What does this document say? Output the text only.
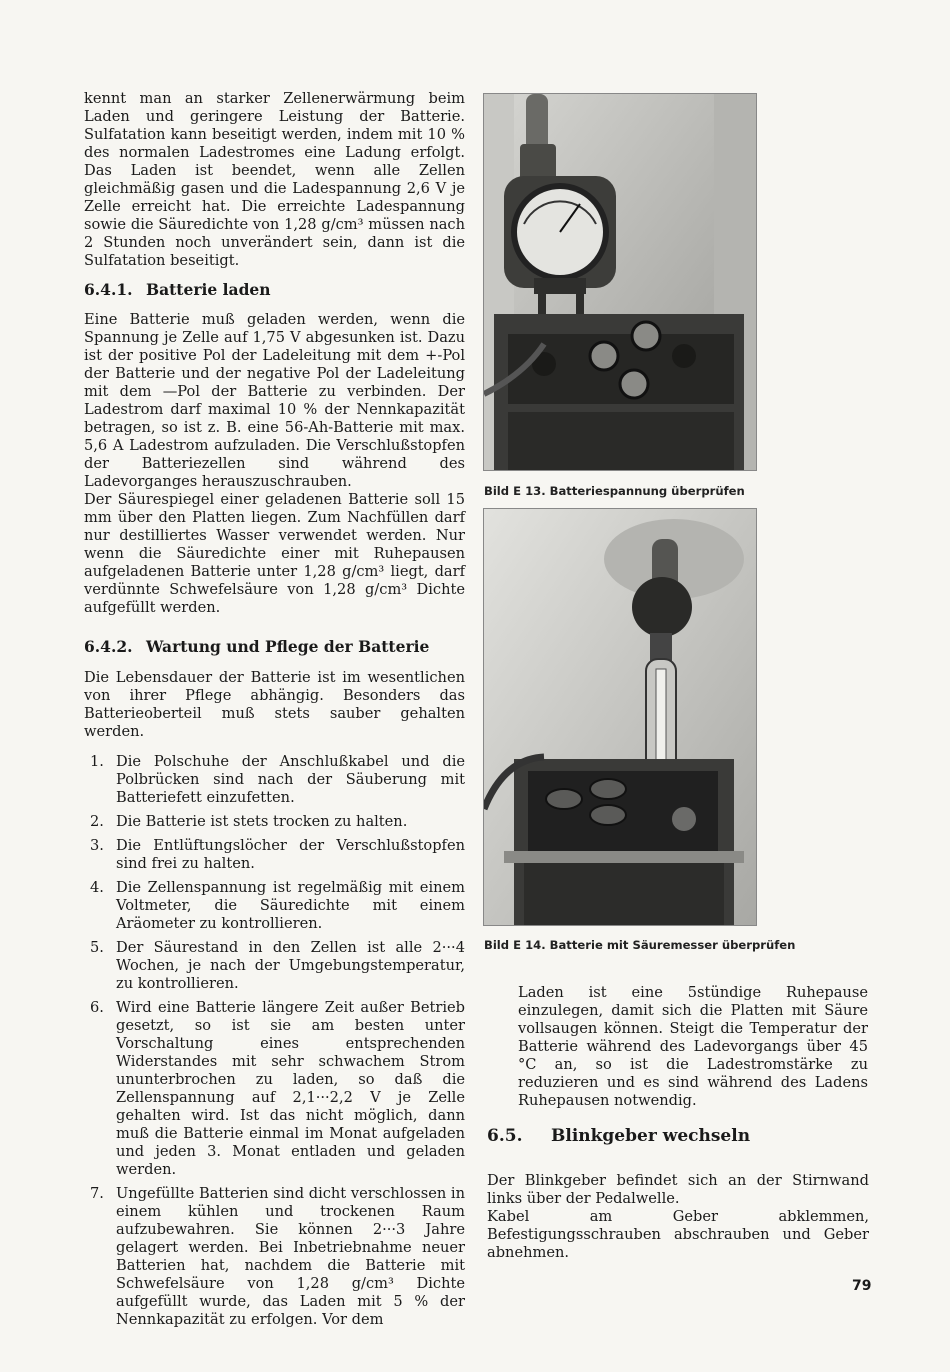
kennt man an starker Zellenerwärmung beim Laden und geringere Leistung der Batterie. Sulfatation kann beseitigt werden, indem mit 10 % des normalen Ladestromes eine Ladung erfolgt. Das Laden ist beendet, wenn alle Zellen gleichmäßig gasen und die Ladespannung 2,6 V je Zelle erreicht hat. Die erreichte Ladespannung sowie die Säuredichte von 1,28 g/cm³ müssen nach 2 Stunden noch unverändert sein, dann ist die Sulfatation beseitigt.

6.4.1. Batterie laden

Eine Batterie muß geladen werden, wenn die Spannung je Zelle auf 1,75 V abgesunken ist. Dazu ist der positive Pol der Ladeleitung mit dem +-Pol der Batterie und der negative Pol der Ladeleitung mit dem —Pol der Batterie zu verbinden. Der Ladestrom darf maximal 10 % der Nennkapazität betragen, so ist z. B. eine 56-Ah-Batterie mit max. 5,6 A Ladestrom aufzuladen. Die Verschlußstopfen der Batteriezellen sind während des Ladevorganges herauszuschrauben.

Der Säurespiegel einer geladenen Batterie soll 15 mm über den Platten liegen. Zum Nachfüllen darf nur destilliertes Wasser verwendet werden. Nur wenn die Säuredichte einer mit Ruhepausen aufgeladenen Batterie unter 1,28 g/cm³ liegt, darf verdünnte Schwefelsäure von 1,28 g/cm³ Dichte aufgefüllt werden.

6.4.2. Wartung und Pflege der Batterie

Die Lebensdauer der Batterie ist im wesentlichen von ihrer Pflege abhängig. Besonders das Batterieoberteil muß stets sauber gehalten werden.

1. Die Polschuhe der Anschlußkabel und die Polbrücken sind nach der Säuberung mit Batteriefett einzufetten.
2. Die Batterie ist stets trocken zu halten.
3. Die Entlüftungslöcher der Verschlußstopfen sind frei zu halten.
4. Die Zellenspannung ist regelmäßig mit einem Voltmeter, die Säuredichte mit einem Aräometer zu kontrollieren.
5. Der Säurestand in den Zellen ist alle 2···4 Wochen, je nach der Umgebungstemperatur, zu kontrollieren.
6. Wird eine Batterie längere Zeit außer Betrieb gesetzt, so ist sie am besten unter Vorschaltung eines entsprechenden Widerstandes mit sehr schwachem Strom ununterbrochen zu laden, so daß die Zellenspannung auf 2,1···2,2 V je Zelle gehalten wird. Ist das nicht möglich, dann muß die Batterie einmal im Monat aufgeladen und jeden 3. Monat entladen und geladen werden.
7. Ungefüllte Batterien sind dicht verschlossen in einem kühlen und trockenen Raum aufzubewahren. Sie können 2···3 Jahre gelagert werden. Bei Inbetriebnahme neuer Batterien hat, nachdem die Batterie mit Schwefelsäure von 1,28 g/cm³ Dichte aufgefüllt wurde, das Laden mit 5 % der Nennkapazität zu erfolgen. Vor dem
Bild E 13. Batteriespannung überprüfen
Bild E 14. Batterie mit Säuremesser überprüfen

Laden ist eine 5stündige Ruhepause einzulegen, damit sich die Platten mit Säure vollsaugen können. Steigt die Temperatur der Batterie während des Ladevorgangs über 45 °C an, so ist die Ladestromstärke zu reduzieren und es sind während des Ladens Ruhepausen notwendig.

6.5.	Blinkgeber wechseln

Der Blinkgeber befindet sich an der Stirnwand links über der Pedalwelle.

Kabel am Geber abklemmen, Befestigungsschrauben abschrauben und Geber abnehmen.

79
